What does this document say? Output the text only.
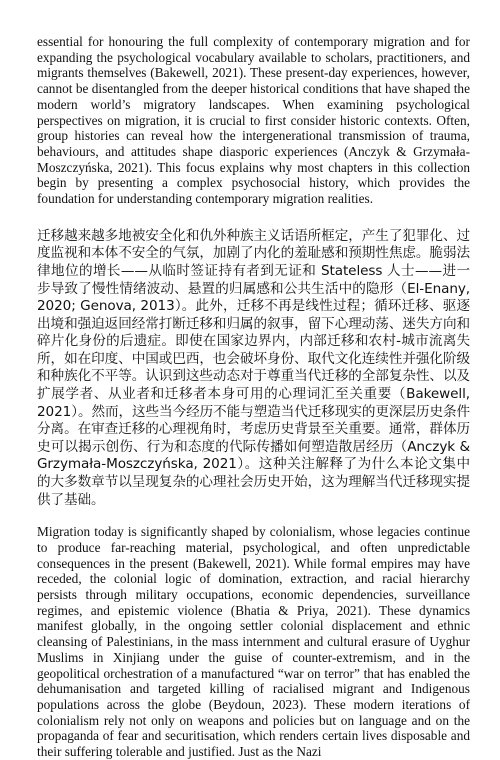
essential for honouring the full complexity of contemporary migration and for expanding the psychological vocabulary available to scholars, practitioners, and migrants themselves (Bakewell, 2021). These present-day experiences, however, cannot be disentangled from the deeper historical conditions that have shaped the modern world’s migratory landscapes. When examining psychological perspectives on migration, it is crucial to first consider historic contexts. Often, group histories can reveal how the intergenerational transmission of trauma, behaviours, and attitudes shape diasporic experiences (Anczyk & Grzymała-Moszczyńska, 2021). This focus explains why most chapters in this collection begin by presenting a complex psychosocial history, which provides the foundation for understanding contemporary migration realities.

迁移越来越多地被安全化和仇外种族主义话语所框定，产生了犯罪化、过度监视和本体不安全的气氛，加剧了内化的羞耻感和预期性焦虑。脆弱法律地位的增长——从临时签证持有者到无证和 Stateless 人士——进一步导致了慢性情绪波动、悬置的归属感和公共生活中的隐形（El-Enany, 2020; Genova, 2013）。此外，迁移不再是线性过程；循环迁移、驱逐出境和强迫返回经常打断迁移和归属的叙事，留下心理动荡、迷失方向和碎片化身份的后遗症。即使在国家边界内，内部迁移和农村-城市流离失所，如在印度、中国或巴西，也会破坏身份、取代文化连续性并强化阶级和种族化不平等。认识到这些动态对于尊重当代迁移的全部复杂性、以及扩展学者、从业者和迁移者本身可用的心理词汇至关重要（Bakewell, 2021）。然而，这些当今经历不能与塑造当代迁移现实的更深层历史条件分离。在审查迁移的心理视角时，考虑历史背景至关重要。通常，群体历史可以揭示创伤、行为和态度的代际传播如何塑造散居经历（Anczyk & Grzymała-Moszczyńska, 2021）。这种关注解释了为什么本论文集中的大多数章节以呈现复杂的心理社会历史开始，这为理解当代迁移现实提供了基础。

Migration today is significantly shaped by colonialism, whose legacies continue to produce far-reaching material, psychological, and often unpredictable consequences in the present (Bakewell, 2021). While formal empires may have receded, the colonial logic of domination, extraction, and racial hierarchy persists through military occupations, economic dependencies, surveillance regimes, and epistemic violence (Bhatia & Priya, 2021). These dynamics manifest globally, in the ongoing settler colonial displacement and ethnic cleansing of Palestinians, in the mass internment and cultural erasure of Uyghur Muslims in Xinjiang under the guise of counter-extremism, and in the geopolitical orchestration of a manufactured “war on terror” that has enabled the dehumanisation and targeted killing of racialised migrant and Indigenous populations across the globe (Beydoun, 2023). These modern iterations of colonialism rely not only on weapons and policies but on language and on the propaganda of fear and securitisation, which renders certain lives disposable and their suffering tolerable and justified. Just as the Nazi
